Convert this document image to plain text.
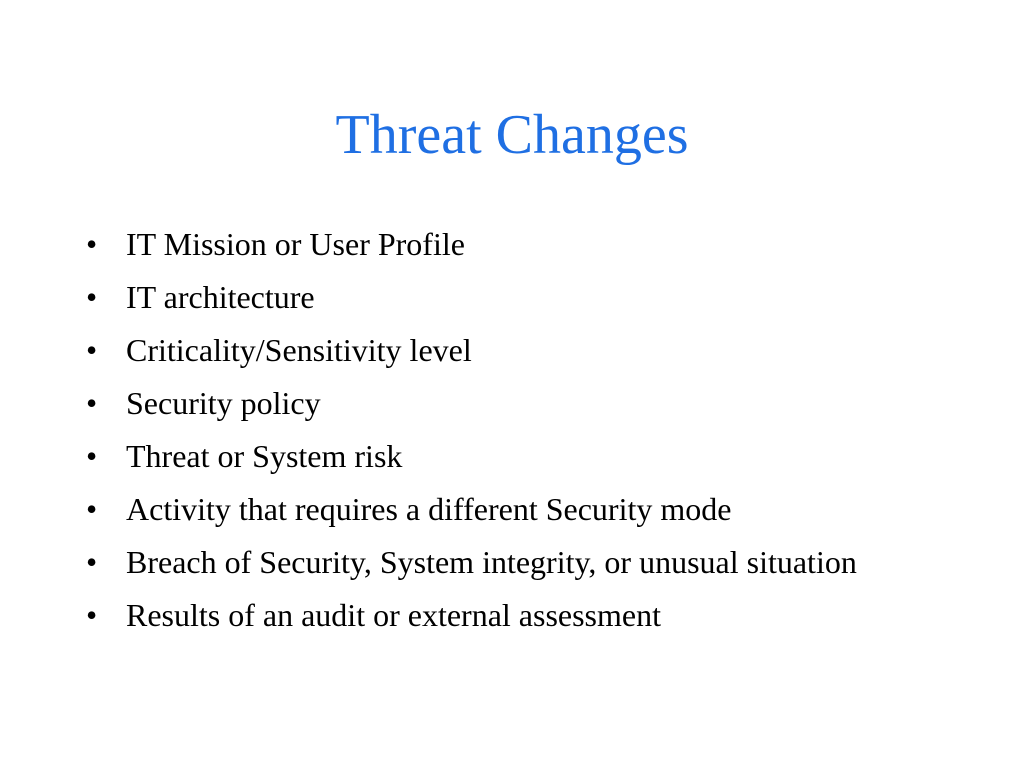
Threat Changes
• IT Mission or User Profile
• IT architecture
• Criticality/Sensitivity level
• Security policy
• Threat or System risk
• Activity that requires a different Security mode
• Breach of Security, System integrity, or unusual situation
• Results of an audit or external assessment
